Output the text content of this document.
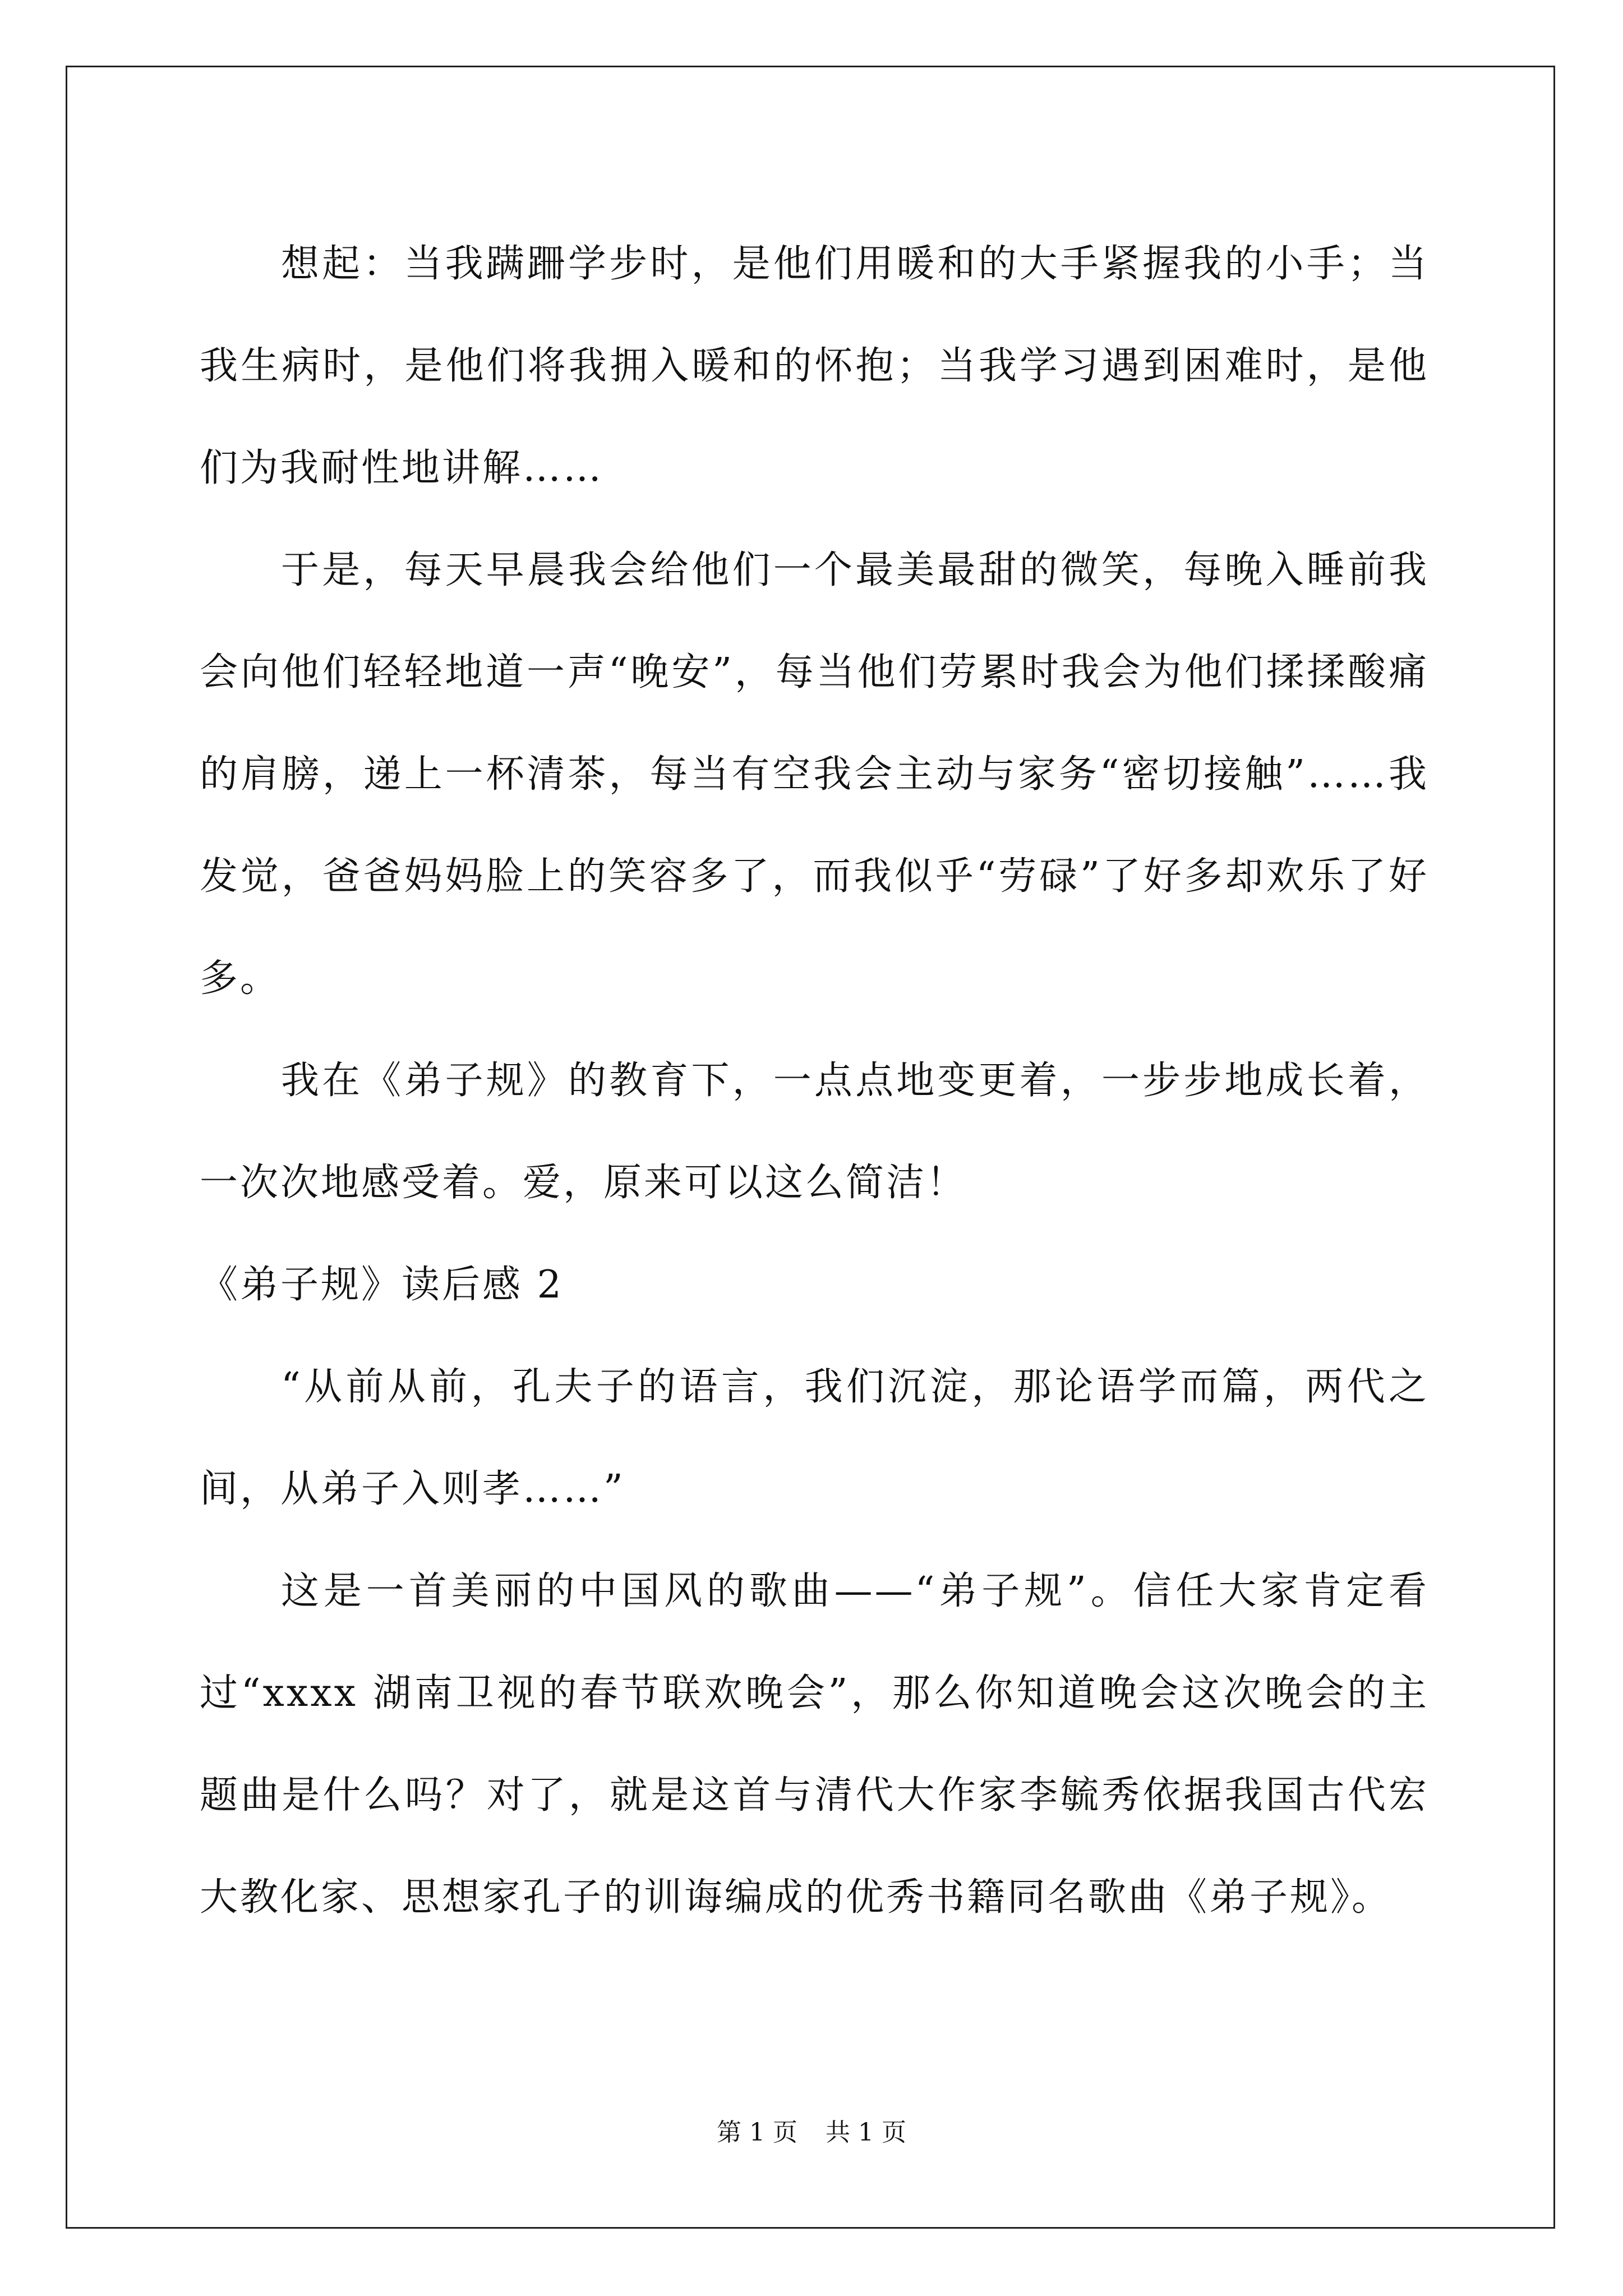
想起：当我蹒跚学步时，是他们用暖和的大手紧握我的小手；当我生病时，是他们将我拥入暖和的怀抱；当我学习遇到困难时，是他们为我耐性地讲解……

于是，每天早晨我会给他们一个最美最甜的微笑，每晚入睡前我会向他们轻轻地道一声“晚安”，每当他们劳累时我会为他们揉揉酸痛的肩膀，递上一杯清茶，每当有空我会主动与家务“密切接触”……我发觉，爸爸妈妈脸上的笑容多了，而我似乎“劳碌”了好多却欢乐了好多。

我在《弟子规》的教育下，一点点地变更着，一步步地成长着，一次次地感受着。爱，原来可以这么简洁！

《弟子规》读后感 2

“从前从前，孔夫子的语言，我们沉淀，那论语学而篇，两代之间，从弟子入则孝……”

这是一首美丽的中国风的歌曲——“弟子规”。信任大家肯定看过“xxxx 湖南卫视的春节联欢晚会”，那么你知道晚会这次晚会的主题曲是什么吗？对了，就是这首与清代大作家李毓秀依据我国古代宏大教化家、思想家孔子的训诲编成的优秀书籍同名歌曲《弟子规》。

第 1 页 共 1 页
